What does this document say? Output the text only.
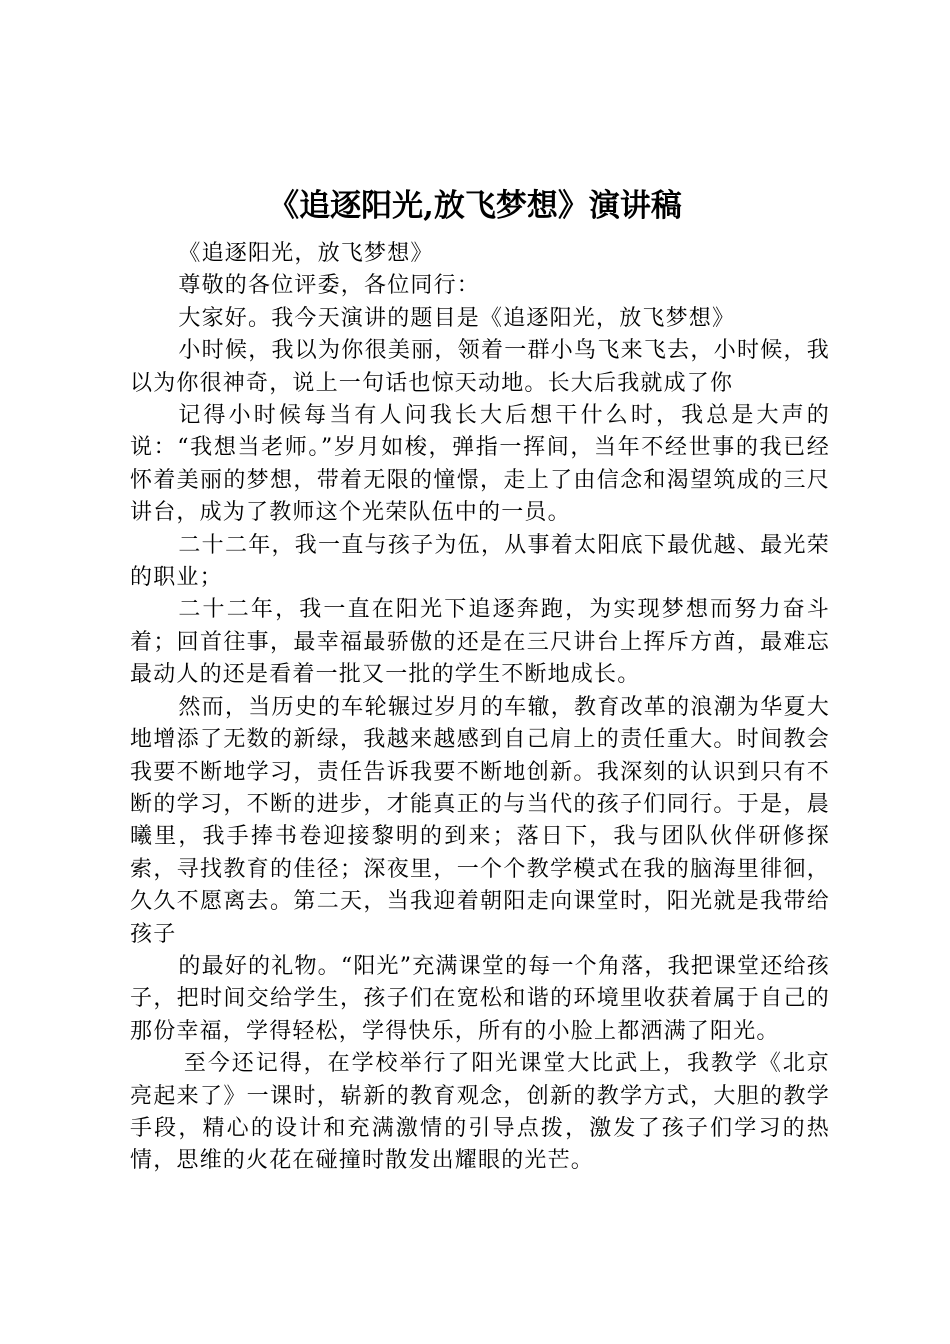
《追逐阳光,放飞梦想》演讲稿

《追逐阳光，放飞梦想》

尊敬的各位评委，各位同行：

大家好。我今天演讲的题目是《追逐阳光，放飞梦想》

小时候，我以为你很美丽，领着一群小鸟飞来飞去，小时候，我以为你很神奇，说上一句话也惊天动地。长大后我就成了你

记得小时候每当有人问我长大后想干什么时，我总是大声的说：“我想当老师。”岁月如梭，弹指一挥间，当年不经世事的我已经怀着美丽的梦想，带着无限的憧憬，走上了由信念和渴望筑成的三尺讲台，成为了教师这个光荣队伍中的一员。

二十二年，我一直与孩子为伍，从事着太阳底下最优越、最光荣的职业；

二十二年，我一直在阳光下追逐奔跑，为实现梦想而努力奋斗着；回首往事，最幸福最骄傲的还是在三尺讲台上挥斥方酋，最难忘最动人的还是看着一批又一批的学生不断地成长。

然而，当历史的车轮辗过岁月的车辙，教育改革的浪潮为华夏大地增添了无数的新绿，我越来越感到自己肩上的责任重大。时间教会我要不断地学习，责任告诉我要不断地创新。我深刻的认识到只有不断的学习，不断的进步，才能真正的与当代的孩子们同行。于是，晨曦里，我手捧书卷迎接黎明的到来；落日下，我与团队伙伴研修探索，寻找教育的佳径；深夜里，一个个教学模式在我的脑海里徘徊，久久不愿离去。第二天，当我迎着朝阳走向课堂时，阳光就是我带给孩子

的最好的礼物。“阳光”充满课堂的每一个角落，我把课堂还给孩子，把时间交给学生，孩子们在宽松和谐的环境里收获着属于自己的那份幸福，学得轻松，学得快乐，所有的小脸上都洒满了阳光。

至今还记得，在学校举行了阳光课堂大比武上，我教学《北京亮起来了》一课时，崭新的教育观念，创新的教学方式，大胆的教学手段，精心的设计和充满激情的引导点拨，激发了孩子们学习的热情，思维的火花在碰撞时散发出耀眼的光芒。
